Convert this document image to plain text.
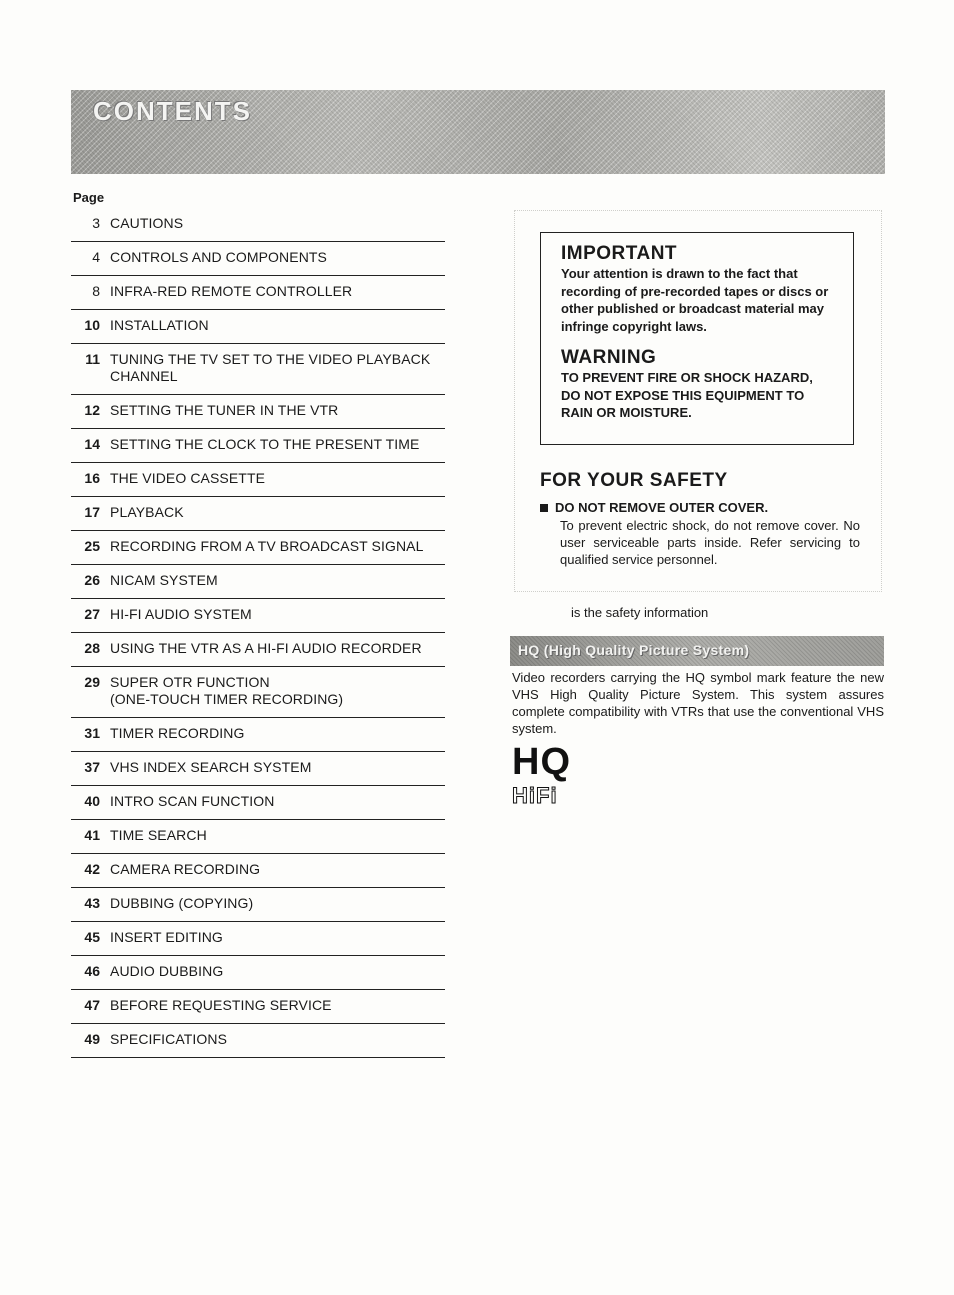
CONTENTS
Page
3 CAUTIONS
4 CONTROLS AND COMPONENTS
8 INFRA-RED REMOTE CONTROLLER
10 INSTALLATION
11 TUNING THE TV SET TO THE VIDEO PLAYBACK
CHANNEL
12 SETTING THE TUNER IN THE VTR
14 SETTING THE CLOCK TO THE PRESENT TIME
16 THE VIDEO CASSETTE
17 PLAYBACK
25 RECORDING FROM A TV BROADCAST SIGNAL
26 NICAM SYSTEM
27 HI-FI AUDIO SYSTEM
28 USING THE VTR AS A HI-FI AUDIO RECORDER
29 SUPER OTR FUNCTION
(ONE-TOUCH TIMER RECORDING)
31 TIMER RECORDING
37 VHS INDEX SEARCH SYSTEM
40 INTRO SCAN FUNCTION
41 TIME SEARCH
42 CAMERA RECORDING
43 DUBBING (COPYING)
45 INSERT EDITING
46 AUDIO DUBBING
47 BEFORE REQUESTING SERVICE
49 SPECIFICATIONS

IMPORTANT

Your attention is drawn to the fact that recording of pre-recorded tapes or discs or other published or broadcast material may infringe copyright laws.

WARNING

TO PREVENT FIRE OR SHOCK HAZARD, DO NOT EXPOSE THIS EQUIPMENT TO RAIN OR MOISTURE.

FOR YOUR SAFETY

DO NOT REMOVE OUTER COVER.

To prevent electric shock, do not remove cover. No user serviceable parts inside. Refer servicing to qualified service personnel.

is the safety information
HQ (High Quality Picture System)
Video recorders carrying the HQ symbol mark feature the new VHS High Quality Picture System. This system assures complete compatibility with VTRs that use the conventional VHS system.
HQ
HiFi
